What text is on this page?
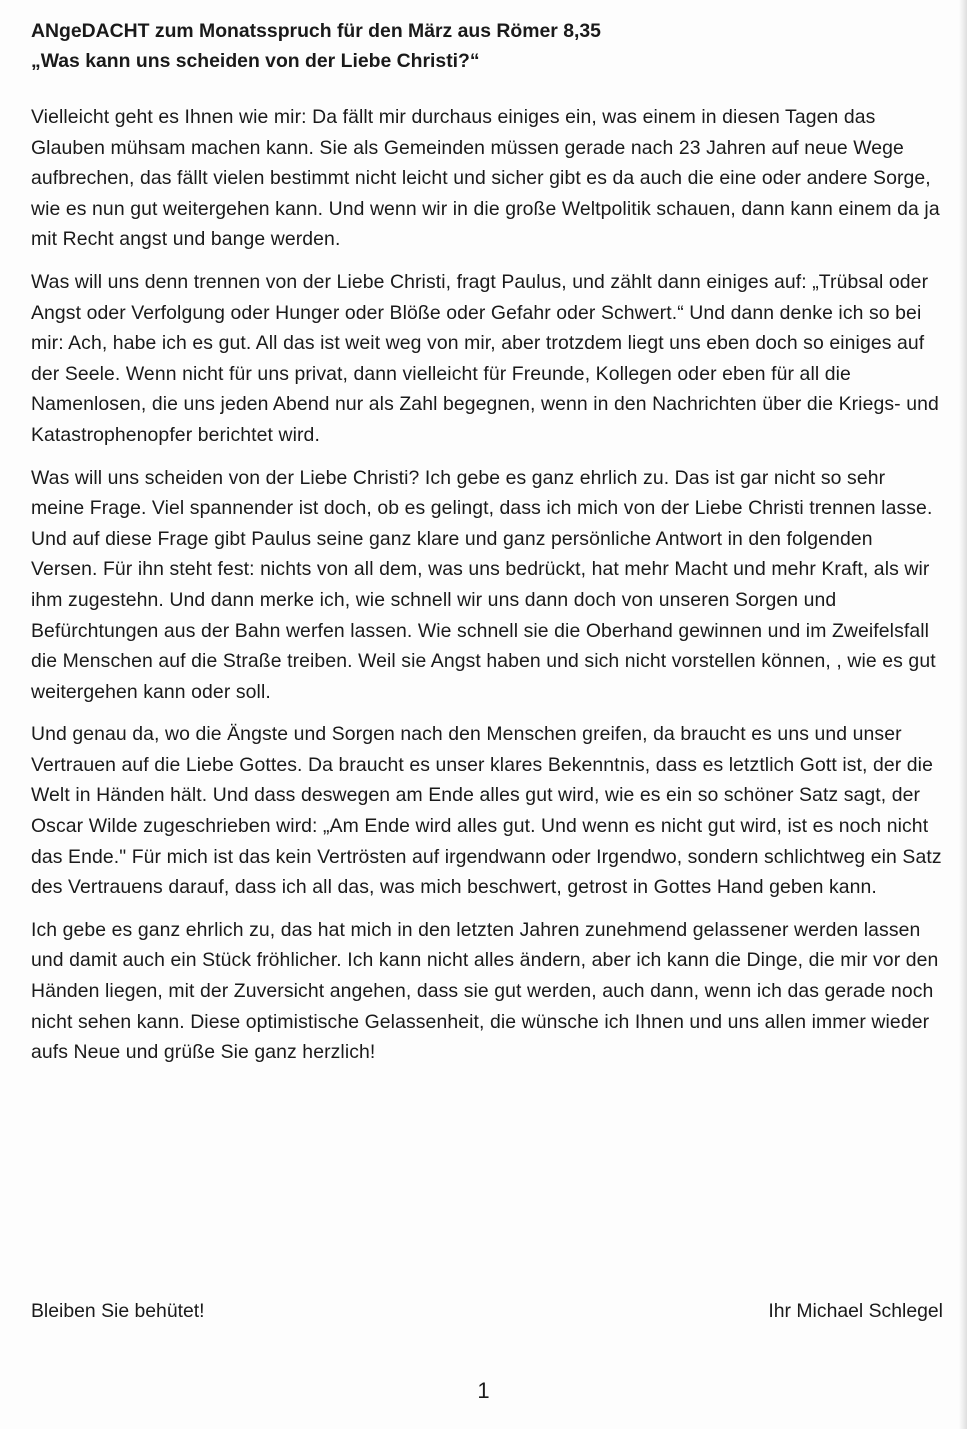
ANgeDACHT zum Monatsspruch für den März aus Römer 8,35
„Was kann uns scheiden von der Liebe Christi?“

Vielleicht geht es Ihnen wie mir: Da fällt mir durchaus einiges ein, was einem in diesen Tagen das Glauben mühsam machen kann. Sie als Gemeinden müssen gerade nach 23 Jahren auf neue Wege aufbrechen, das fällt vielen bestimmt nicht leicht und sicher gibt es da auch die eine oder andere Sorge, wie es nun gut weitergehen kann. Und wenn wir in die große Weltpolitik schauen, dann kann einem da ja mit Recht angst und bange werden.

Was will uns denn trennen von der Liebe Christi, fragt Paulus, und zählt dann einiges auf: „Trübsal oder Angst oder Verfolgung oder Hunger oder Blöße oder Gefahr oder Schwert.“ Und dann denke ich so bei mir: Ach, habe ich es gut. All das ist weit weg von mir, aber trotzdem liegt uns eben doch so einiges auf der Seele. Wenn nicht für uns privat, dann vielleicht für Freunde, Kollegen oder eben für all die Namenlosen, die uns jeden Abend nur als Zahl begegnen, wenn in den Nachrichten über die Kriegs- und Katastrophenopfer berichtet wird.

Was will uns scheiden von der Liebe Christi? Ich gebe es ganz ehrlich zu. Das ist gar nicht so sehr meine Frage. Viel spannender ist doch, ob es gelingt, dass ich mich von der Liebe Christi trennen lasse. Und auf diese Frage gibt Paulus seine ganz klare und ganz persönliche Antwort in den folgenden Versen. Für ihn steht fest: nichts von all dem, was uns bedrückt, hat mehr Macht und mehr Kraft, als wir ihm zugestehn. Und dann merke ich, wie schnell wir uns dann doch von unseren Sorgen und Befürchtungen aus der Bahn werfen lassen. Wie schnell sie die Oberhand gewinnen und im Zweifelsfall die Menschen auf die Straße treiben. Weil sie Angst haben und sich nicht vorstellen können, , wie es gut weitergehen kann oder soll.

Und genau da, wo die Ängste und Sorgen nach den Menschen greifen, da braucht es uns und unser Vertrauen auf die Liebe Gottes. Da braucht es unser klares Bekenntnis, dass es letztlich Gott ist, der die Welt in Händen hält. Und dass deswegen am Ende alles gut wird, wie es ein so schöner Satz sagt, der Oscar Wilde zugeschrieben wird: „Am Ende wird alles gut. Und wenn es nicht gut wird, ist es noch nicht das Ende." Für mich ist das kein Vertrösten auf irgendwann oder Irgendwo, sondern schlichtweg ein Satz des Vertrauens darauf, dass ich all das, was mich beschwert, getrost in Gottes Hand geben kann.

Ich gebe es ganz ehrlich zu, das hat mich in den letzten Jahren zunehmend gelassener werden lassen und damit auch ein Stück fröhlicher. Ich kann nicht alles ändern, aber ich kann die Dinge, die mir vor den Händen liegen, mit der Zuversicht angehen, dass sie gut werden, auch dann, wenn ich das gerade noch nicht sehen kann. Diese optimistische Gelassenheit, die wünsche ich Ihnen und uns allen immer wieder aufs Neue und grüße Sie ganz herzlich!

Bleiben Sie behütet!	Ihr Michael Schlegel
1
